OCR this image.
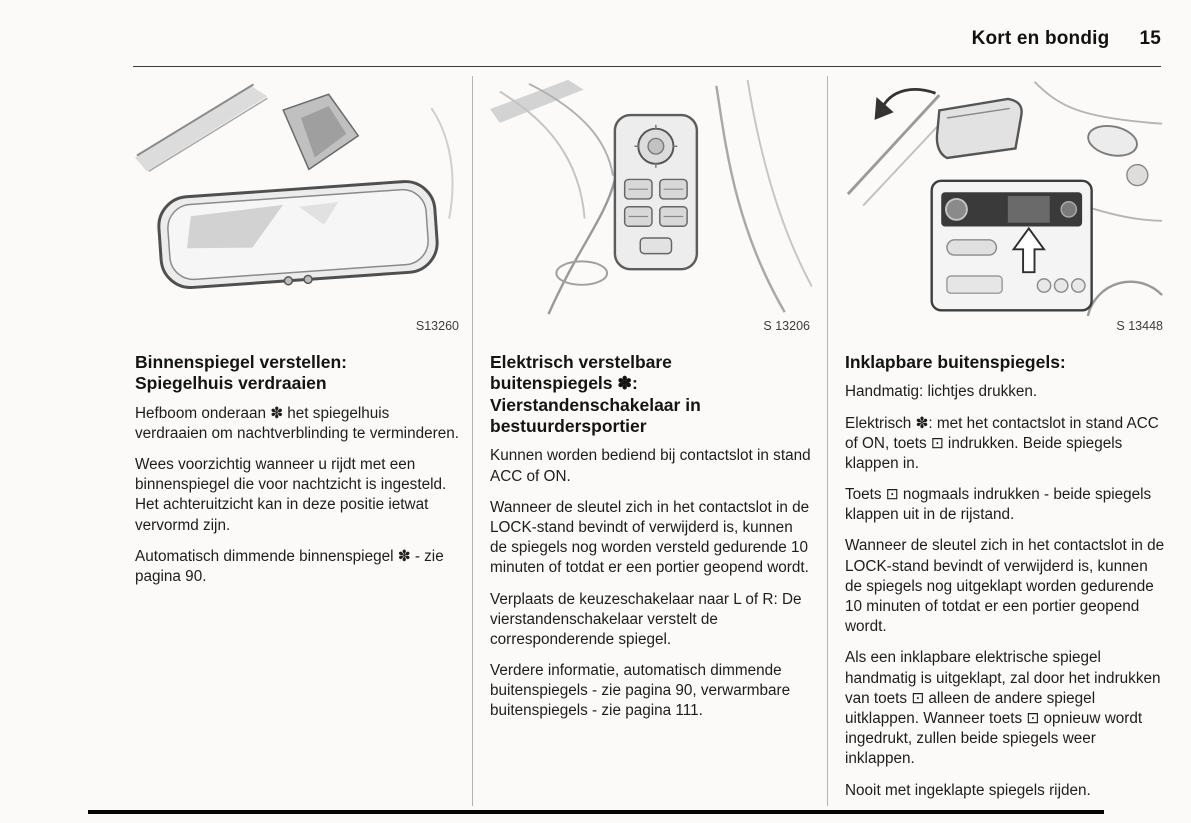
Kort en bondig 15
S13260
Binnenspiegel verstellen:
Spiegelhuis verdraaien

Hefboom onderaan ✽ het spiegelhuis verdraaien om nachtverblinding te verminderen.

Wees voorzichtig wanneer u rijdt met een binnenspiegel die voor nachtzicht is ingesteld. Het achteruitzicht kan in deze positie ietwat vervormd zijn.

Automatisch dimmende binnenspiegel ✽ - zie pagina 90.

S 13206
Elektrisch verstelbare
buitenspiegels ✽:
Vierstandenschakelaar in
bestuurdersportier

Kunnen worden bediend bij contactslot in stand ACC of ON.

Wanneer de sleutel zich in het contactslot in de LOCK-stand bevindt of verwijderd is, kunnen de spiegels nog worden versteld gedurende 10 minuten of totdat er een portier geopend wordt.

Verplaats de keuzeschakelaar naar L of R: De vierstandenschakelaar verstelt de corresponderende spiegel.

Verdere informatie, automatisch dimmende buitenspiegels - zie pagina 90, verwarmbare buitenspiegels - zie pagina 111.

S 13448
Inklapbare buitenspiegels:

Handmatig: lichtjes drukken.

Elektrisch ✽: met het contactslot in stand ACC of ON, toets ⊡ indrukken. Beide spiegels klappen in.

Toets ⊡ nogmaals indrukken - beide spiegels klappen uit in de rijstand.

Wanneer de sleutel zich in het contactslot in de LOCK-stand bevindt of verwijderd is, kunnen de spiegels nog uitgeklapt worden gedurende 10 minuten of totdat er een portier geopend wordt.

Als een inklapbare elektrische spiegel handmatig is uitgeklapt, zal door het indrukken van toets ⊡ alleen de andere spiegel uitklappen. Wanneer toets ⊡ opnieuw wordt ingedrukt, zullen beide spiegels weer inklappen.

Nooit met ingeklapte spiegels rijden.
